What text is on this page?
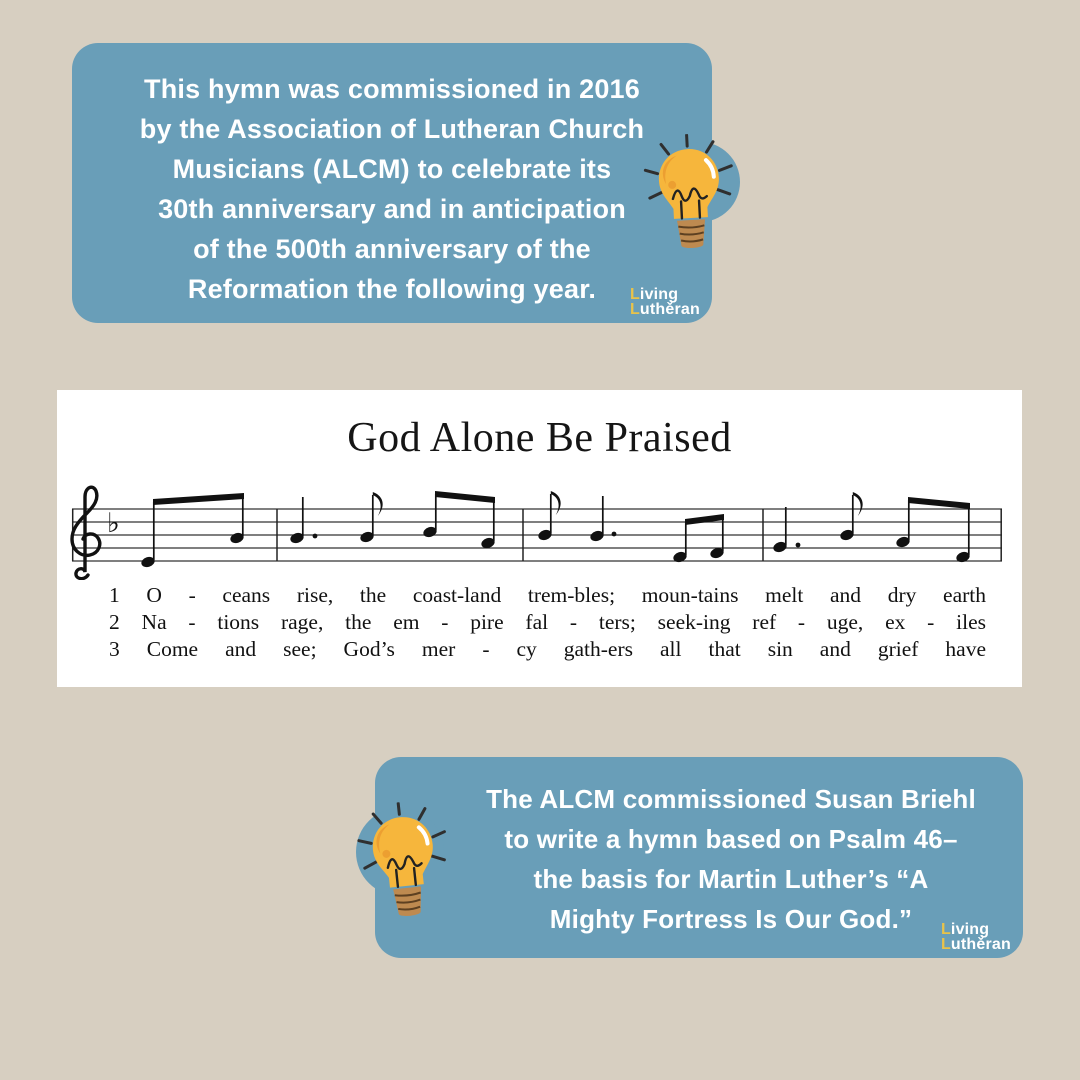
This hymn was commissioned in 2016
by the Association of Lutheran Church
Musicians (ALCM) to celebrate its
30th anniversary and in anticipation
of the 500th anniversary of the
Reformation the following year.	Living
Luthěran
God Alone Be Praised
♭
1 O - ceans rise, the coast-land trem-bles; moun-tains melt and dry earth
2 Na - tions rage, the em - pire fal - ters; seek-ing ref - uge, ex - iles
3 Come and see; God’s mer - cy gath-ers all that sin and grief have
The ALCM commissioned Susan Briehl
to write a hymn based on Psalm 46–
the basis for Martin Luther’s “A
Mighty Fortress Is Our God.”	Living
Luthěran
